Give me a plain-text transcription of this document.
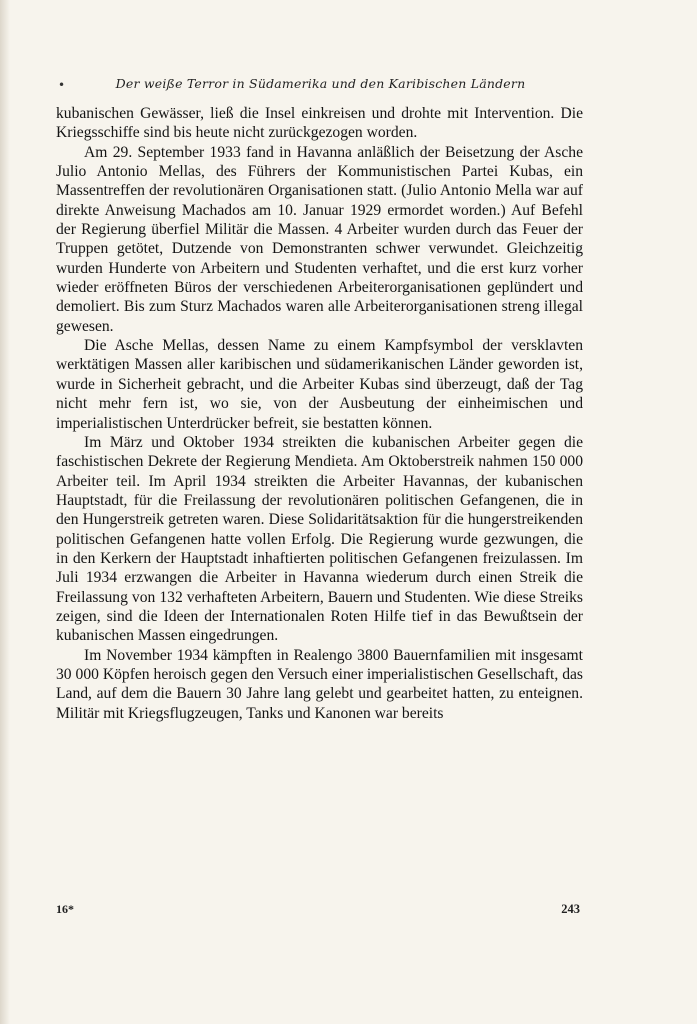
•	Der weiße Terror in Südamerika und den Karibischen Ländern

kubanischen Gewässer, ließ die Insel einkreisen und drohte mit Intervention. Die Kriegsschiffe sind bis heute nicht zurückgezogen worden.

Am 29. September 1933 fand in Havanna anläßlich der Beisetzung der Asche Julio Antonio Mellas, des Führers der Kommunistischen Partei Kubas, ein Massentreffen der revolutionären Organisationen statt. (Julio Antonio Mella war auf direkte Anweisung Machados am 10. Januar 1929 ermordet worden.) Auf Befehl der Regierung überfiel Militär die Massen. 4 Arbeiter wurden durch das Feuer der Truppen getötet, Dutzende von Demonstranten schwer verwundet. Gleichzeitig wurden Hunderte von Arbeitern und Studenten verhaftet, und die erst kurz vorher wieder eröffneten Büros der verschiedenen Arbeiterorganisationen geplündert und demoliert. Bis zum Sturz Machados waren alle Arbeiterorganisationen streng illegal gewesen.

Die Asche Mellas, dessen Name zu einem Kampfsymbol der versklavten werktätigen Massen aller karibischen und südamerikanischen Länder geworden ist, wurde in Sicherheit gebracht, und die Arbeiter Kubas sind überzeugt, daß der Tag nicht mehr fern ist, wo sie, von der Ausbeutung der einheimischen und imperialistischen Unterdrücker befreit, sie bestatten können.

Im März und Oktober 1934 streikten die kubanischen Arbeiter gegen die faschistischen Dekrete der Regierung Mendieta. Am Oktoberstreik nahmen 150 000 Arbeiter teil. Im April 1934 streikten die Arbeiter Havannas, der kubanischen Hauptstadt, für die Freilassung der revolutionären politischen Gefangenen, die in den Hungerstreik getreten waren. Diese Solidaritätsaktion für die hungerstreikenden politischen Gefangenen hatte vollen Erfolg. Die Regierung wurde gezwungen, die in den Kerkern der Hauptstadt inhaftierten politischen Gefangenen freizulassen. Im Juli 1934 erzwangen die Arbeiter in Havanna wiederum durch einen Streik die Freilassung von 132 verhafteten Arbeitern, Bauern und Studenten. Wie diese Streiks zeigen, sind die Ideen der Internationalen Roten Hilfe tief in das Bewußtsein der kubanischen Massen eingedrungen.

Im November 1934 kämpften in Realengo 3800 Bauernfamilien mit insgesamt 30 000 Köpfen heroisch gegen den Versuch einer imperialistischen Gesellschaft, das Land, auf dem die Bauern 30 Jahre lang gelebt und gearbeitet hatten, zu enteignen. Militär mit Kriegsflugzeugen, Tanks und Kanonen war bereits

16*	243
